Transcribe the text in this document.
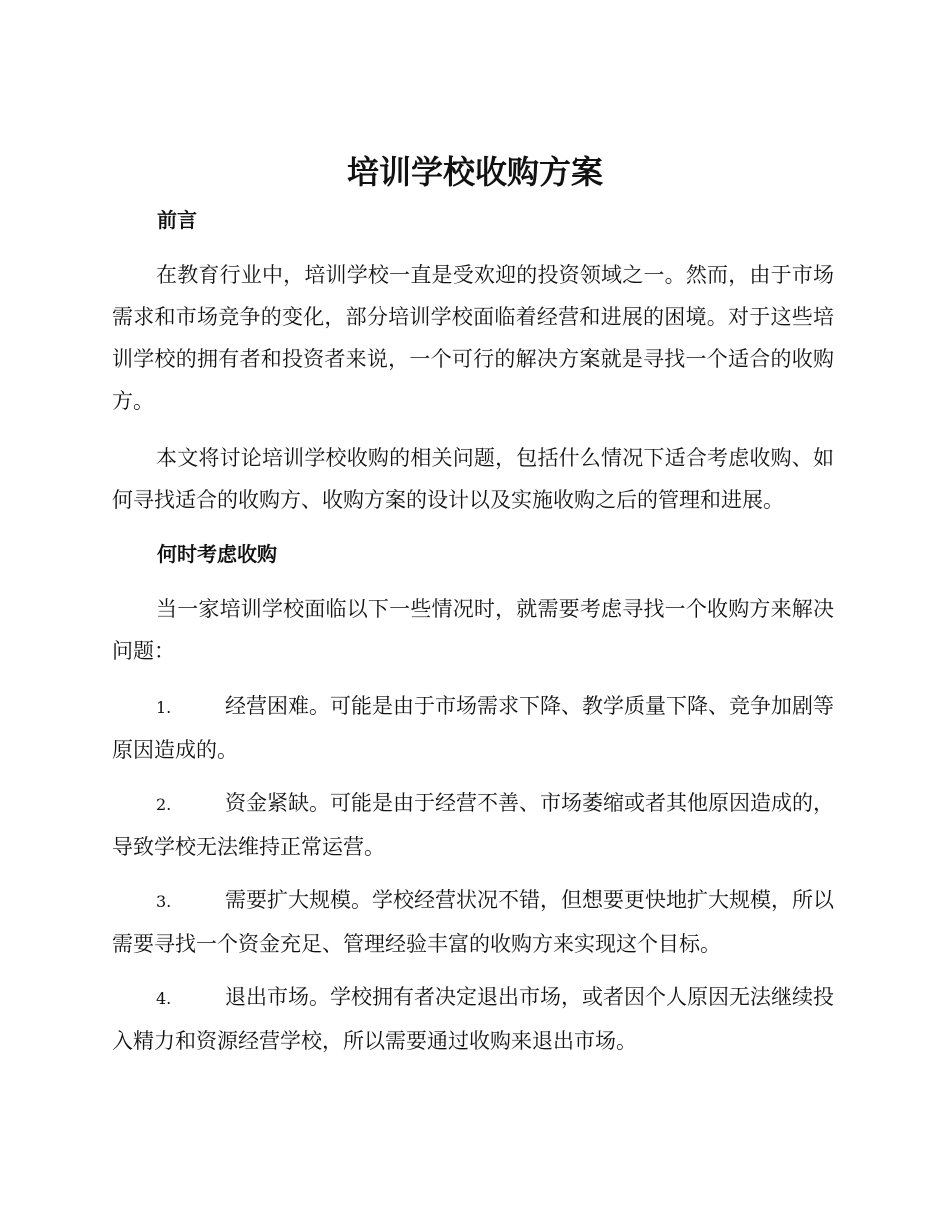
培训学校收购方案
前言

在教育行业中，培训学校一直是受欢迎的投资领域之一。然而，由于市场需求和市场竞争的变化，部分培训学校面临着经营和进展的困境。对于这些培训学校的拥有者和投资者来说，一个可行的解决方案就是寻找一个适合的收购方。

本文将讨论培训学校收购的相关问题，包括什么情况下适合考虑收购、如何寻找适合的收购方、收购方案的设计以及实施收购之后的管理和进展。

何时考虑收购

当一家培训学校面临以下一些情况时，就需要考虑寻找一个收购方来解决问题：

1.	经营困难。可能是由于市场需求下降、教学质量下降、竞争加剧等原因造成的。

2.	资金紧缺。可能是由于经营不善、市场萎缩或者其他原因造成的，导致学校无法维持正常运营。

3.	需要扩大规模。学校经营状况不错，但想要更快地扩大规模，所以需要寻找一个资金充足、管理经验丰富的收购方来实现这个目标。

4.	退出市场。学校拥有者决定退出市场，或者因个人原因无法继续投入精力和资源经营学校，所以需要通过收购来退出市场。
